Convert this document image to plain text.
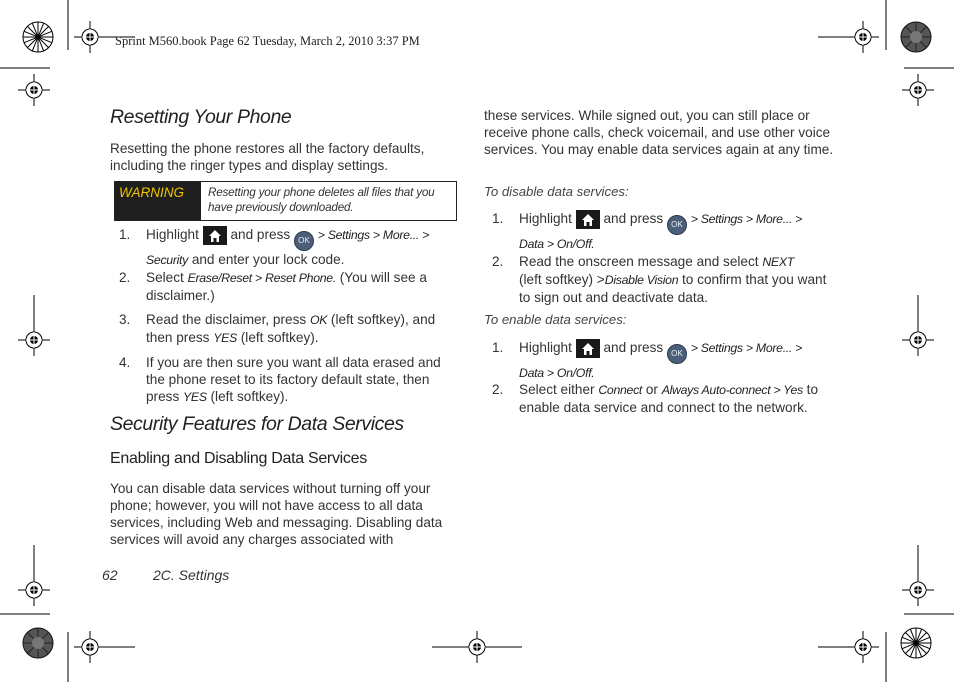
Sprint M560.book Page 62 Tuesday, March 2, 2010 3:37 PM
Resetting Your Phone

Resetting the phone restores all the factory defaults, including the ringer types and display settings.

WARNING	Resetting your phone deletes all files that you have previously downloaded.
1. Highlight and press OK > Settings > More... >
Security and enter your lock code.
2. Select Erase/Reset > Reset Phone. (You will see a disclaimer.)
3. Read the disclaimer, press OK (left softkey), and then press YES (left softkey).
4. If you are then sure you want all data erased and the phone reset to its factory default state, then press YES (left softkey).
Security Features for Data Services
Enabling and Disabling Data Services

You can disable data services without turning off your phone; however, you will not have access to all data services, including Web and messaging. Disabling data services will avoid any charges associated with

62	2C. Settings

these services. While signed out, you can still place or receive phone calls, check voicemail, and use other voice services. You may enable data services again at any time.

To disable data services:
1. Highlight and press OK > Settings > More... >
Data > On/Off.
2. Read the onscreen message and select NEXT
(left softkey) >Disable Vision to confirm that you want to sign out and deactivate data.
To enable data services:
1. Highlight and press OK > Settings > More... >
Data > On/Off.
2. Select either Connect or Always Auto-connect > Yes to enable data service and connect to the network.
